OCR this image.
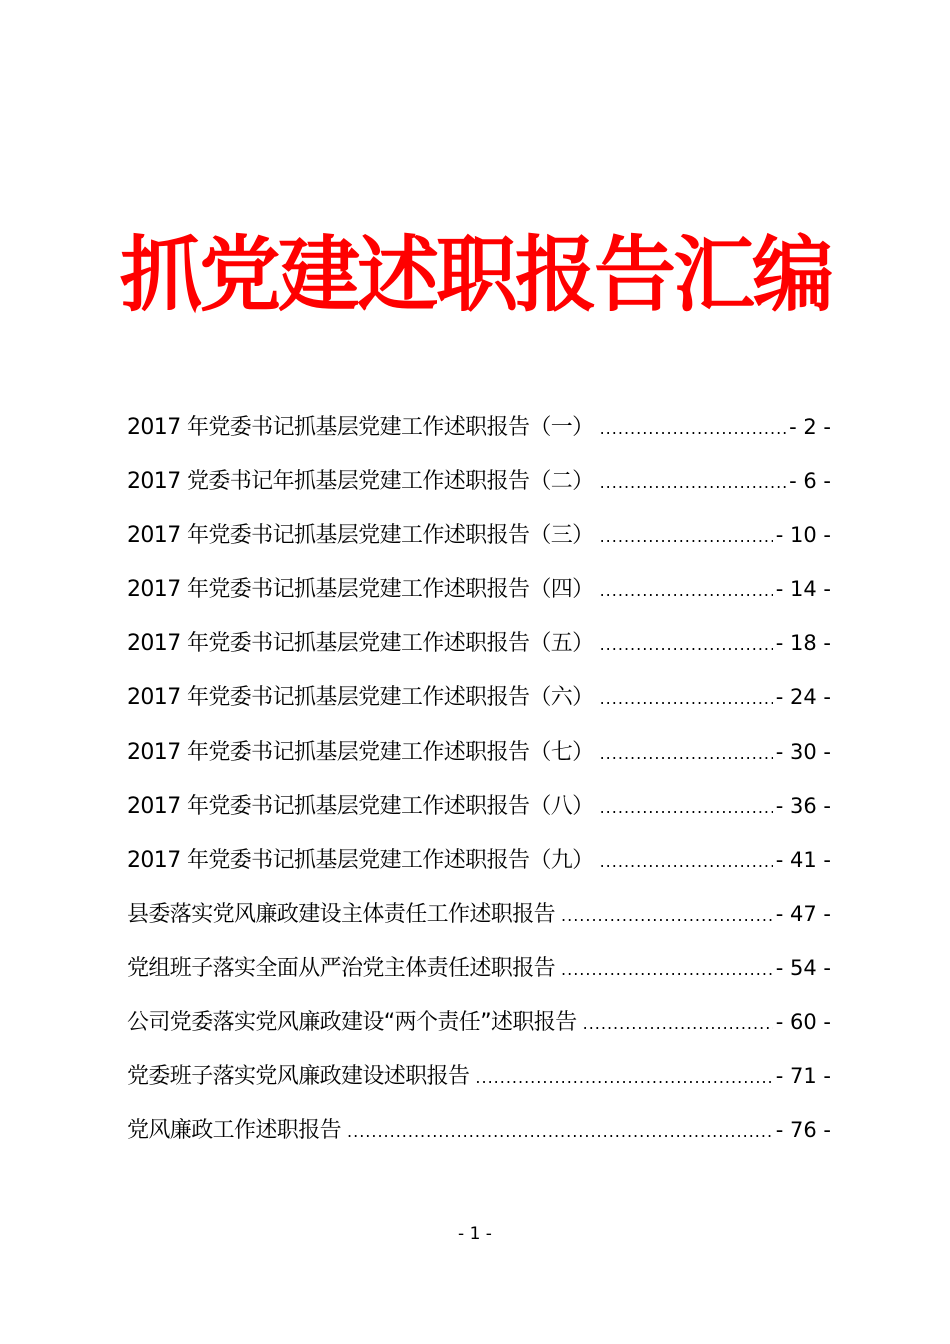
抓党建述职报告汇编
2017 年党委书记抓基层党建工作述职报告（一） .....	- 2 -
2017 党委书记年抓基层党建工作述职报告（二） .....	- 6 -
2017 年党委书记抓基层党建工作述职报告（三） .....	- 10 -
2017 年党委书记抓基层党建工作述职报告（四） .....	- 14 -
2017 年党委书记抓基层党建工作述职报告（五） .....	- 18 -
2017 年党委书记抓基层党建工作述职报告（六） .....	- 24 -
2017 年党委书记抓基层党建工作述职报告（七） .....	- 30 -
2017 年党委书记抓基层党建工作述职报告（八） .....	- 36 -
2017 年党委书记抓基层党建工作述职报告（九） .....	- 41 -
县委落实党风廉政建设主体责任工作述职报告 .....	- 47 -
党组班子落实全面从严治党主体责任述职报告 .....	- 54 -
公司党委落实党风廉政建设“两个责任”述职报告 .....	- 60 -
党委班子落实党风廉政建设述职报告 .....	- 71 -
党风廉政工作述职报告 .....	- 76 -
- 1 -
